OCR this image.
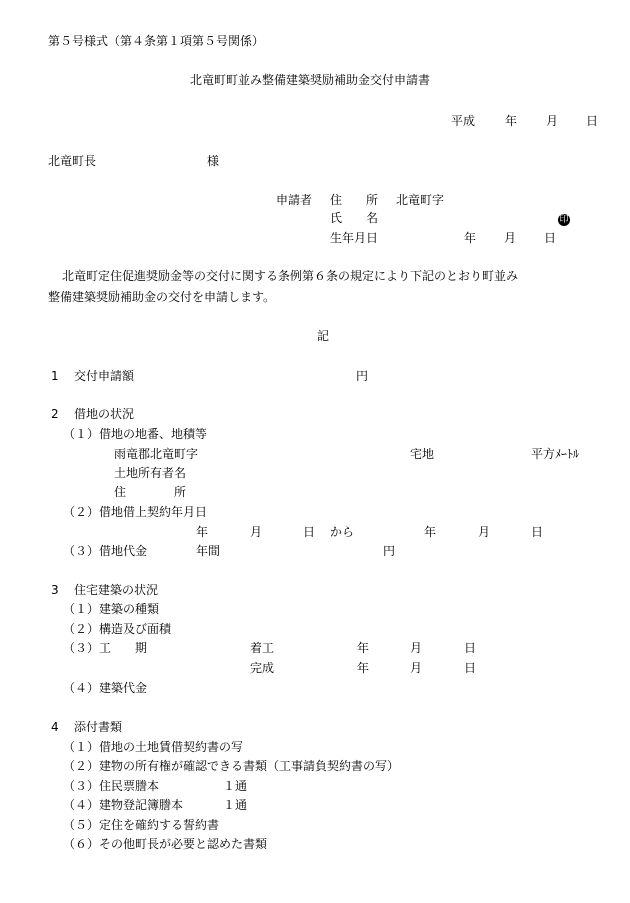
第５号様式（第４条第１項第５号関係）
北竜町町並み整備建築奨励補助金交付申請書
平成 年 月 日
北竜町長	様
申請者 住　　所 北竜町字
氏　　名	印
生年月日	年 月 日
北竜町定住促進奨励金等の交付に関する条例第６条の規定により下記のとおり町並み
整備建築奨励補助金の交付を申請します。
記
1 交付申請額	円
2 借地の状況
（１）借地の地番、地積等
雨竜郡北竜町字	宅地	平方ﾒｰﾄﾙ
土地所有者名
住　　　　所
（２）借地借上契約年月日
年	月	日 から	年	月	日
（３）借地代金	年間	円
3 住宅建築の状況
（１）建築の種類
（２）構造及び面積
（３）工　　期	着工	年	月	日
完成	年	月	日
（４）建築代金
4 添付書類
（１）借地の土地賃借契約書の写
（２）建物の所有権が確認できる書類（工事請負契約書の写）
（３）住民票謄本	１通
（４）建物登記簿謄本	１通
（５）定住を確約する誓約書
（６）その他町長が必要と認めた書類
